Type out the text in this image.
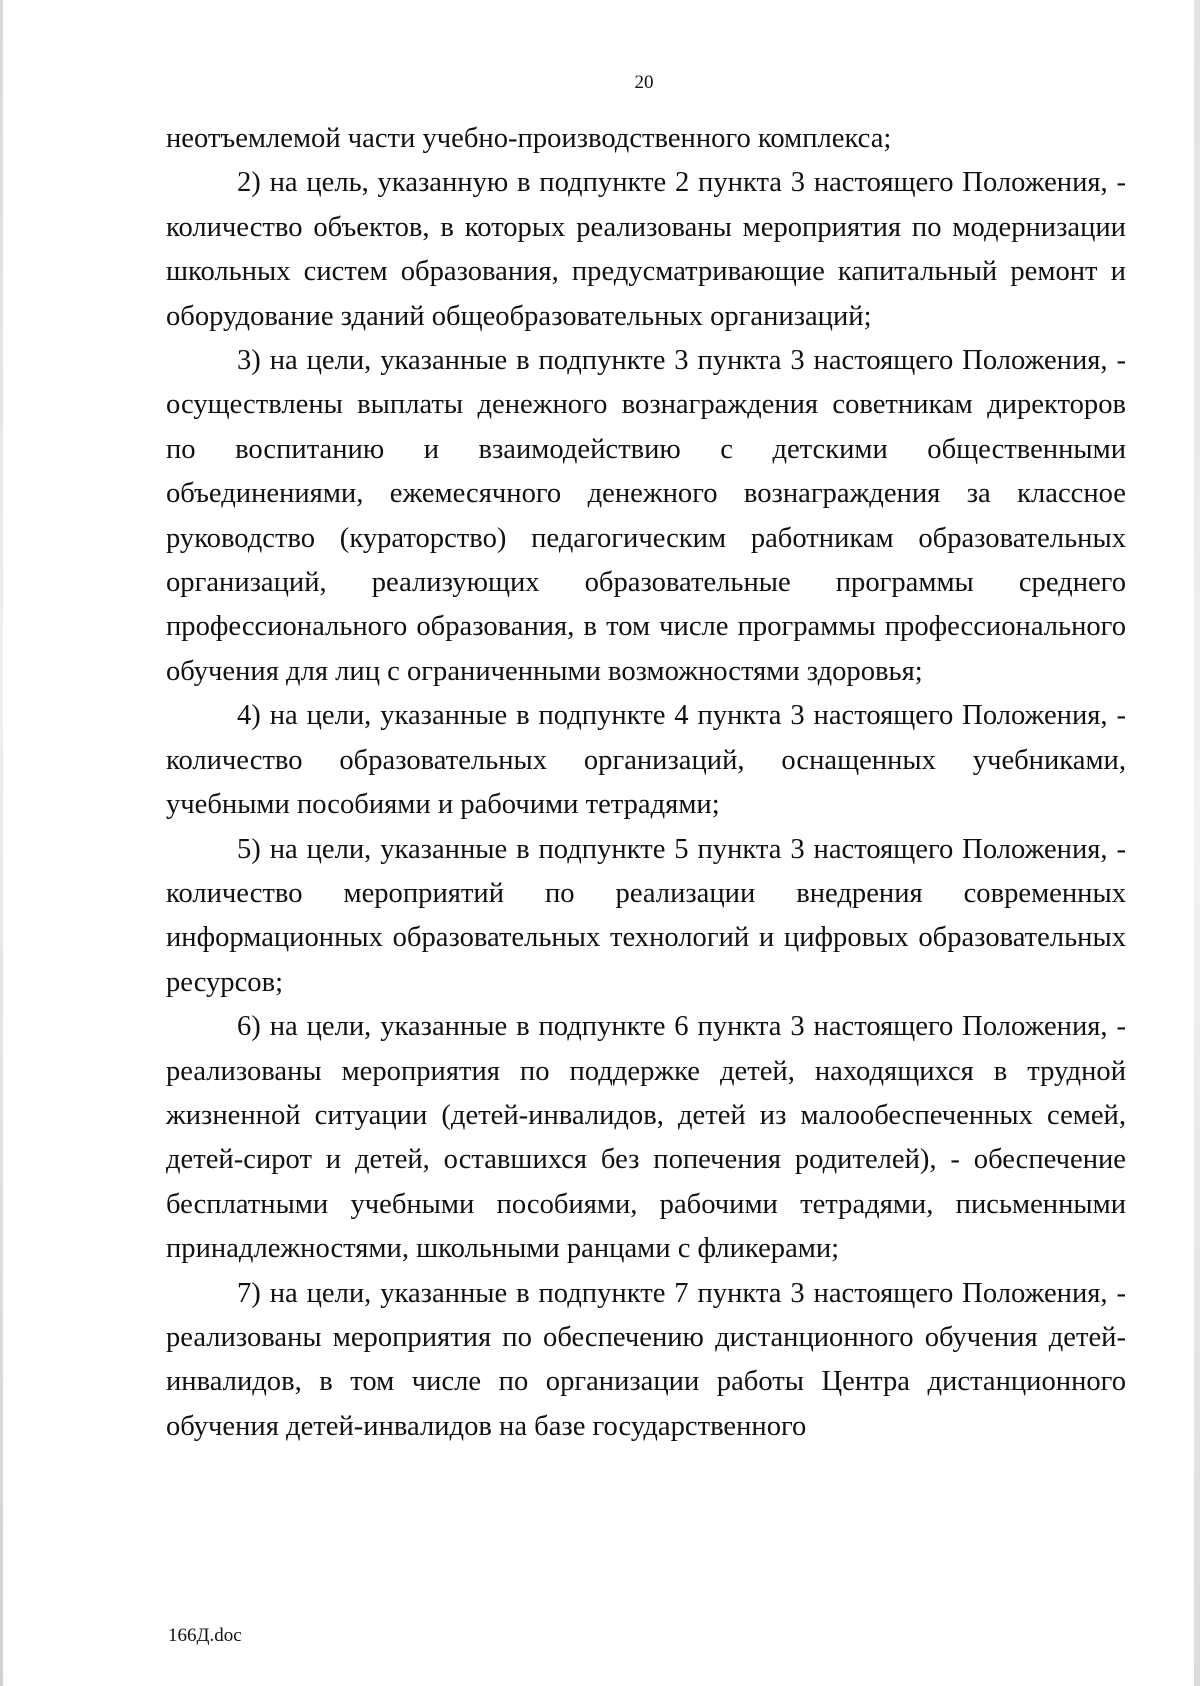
20

неотъемлемой части учебно-производственного комплекса;

2) на цель, указанную в подпункте 2 пункта 3 настоящего Положения, - количество объектов, в которых реализованы мероприятия по модернизации школьных систем образования, предусматривающие капитальный ремонт и оборудование зданий общеобразовательных организаций;

3) на цели, указанные в подпункте 3 пункта 3 настоящего Положения, - осуществлены выплаты денежного вознаграждения советникам директоров по воспитанию и взаимодействию с детскими общественными объединениями, ежемесячного денежного вознаграждения за классное руководство (кураторство) педагогическим работникам образовательных организаций, реализующих образовательные программы среднего профессионального образования, в том числе программы профессионального обучения для лиц с ограниченными возможностями здоровья;

4) на цели, указанные в подпункте 4 пункта 3 настоящего Положения, - количество образовательных организаций, оснащенных учебниками, учебными пособиями и рабочими тетрадями;

5) на цели, указанные в подпункте 5 пункта 3 настоящего Положения, - количество мероприятий по реализации внедрения современных информационных образовательных технологий и цифровых образовательных ресурсов;

6) на цели, указанные в подпункте 6 пункта 3 настоящего Положения, - реализованы мероприятия по поддержке детей, находящихся в трудной жизненной ситуации (детей-инвалидов, детей из малообеспеченных семей, детей-сирот и детей, оставшихся без попечения родителей), - обеспечение бесплатными учебными пособиями, рабочими тетрадями, письменными принадлежностями, школьными ранцами с фликерами;

7) на цели, указанные в подпункте 7 пункта 3 настоящего Положения, - реализованы мероприятия по обеспечению дистанционного обучения детей-инвалидов, в том числе по организации работы Центра дистанционного обучения детей-инвалидов на базе государственного

166Д.doc
